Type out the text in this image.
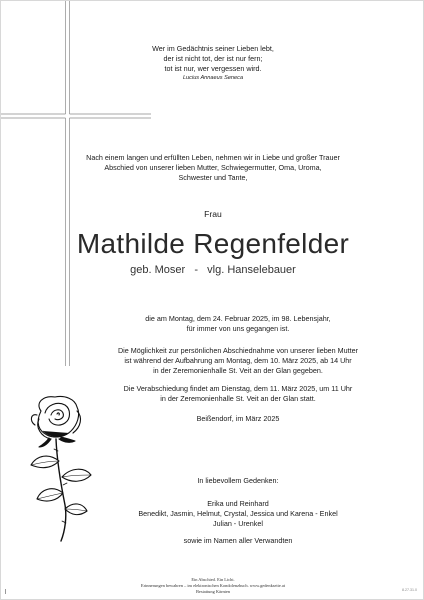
Wer im Gedächtnis seiner Lieben lebt,
der ist nicht tot, der ist nur fern;
tot ist nur, wer vergessen wird.
Lucius Annaeus Seneca
Nach einem langen und erfüllten Leben, nehmen wir in Liebe und großer Trauer
Abschied von unserer lieben Mutter, Schwiegermutter, Oma, Uroma,
Schwester und Tante,
Frau
Mathilde Regenfelder
geb. Moser   -   vlg. Hanselebauer
die am Montag, dem 24. Februar 2025, im 98. Lebensjahr,
für immer von uns gegangen ist.
Die Möglichkeit zur persönlichen Abschiednahme von unserer lieben Mutter
ist während der Aufbahrung am Montag, dem 10. März 2025, ab 14 Uhr
in der Zeremonienhalle St. Veit an der Glan gegeben.
Die Verabschiedung findet am Dienstag, dem 11. März 2025, um 11 Uhr
in der Zeremonienhalle St. Veit an der Glan statt.
Beißendorf, im März 2025
In liebevollem Gedenken:
Erika und Reinhard
Benedikt, Jasmin, Helmut, Crystal, Jessica und Karena - Enkel
Julian - Urenkel
sowie im Namen aller Verwandten
Ein Abschied. Ein Licht.
Erinnerungen bewahren – im elektronischen Kondolenzbuch. www.gedenkseite.at
Bestattung Kärnten	8.27.31.0
